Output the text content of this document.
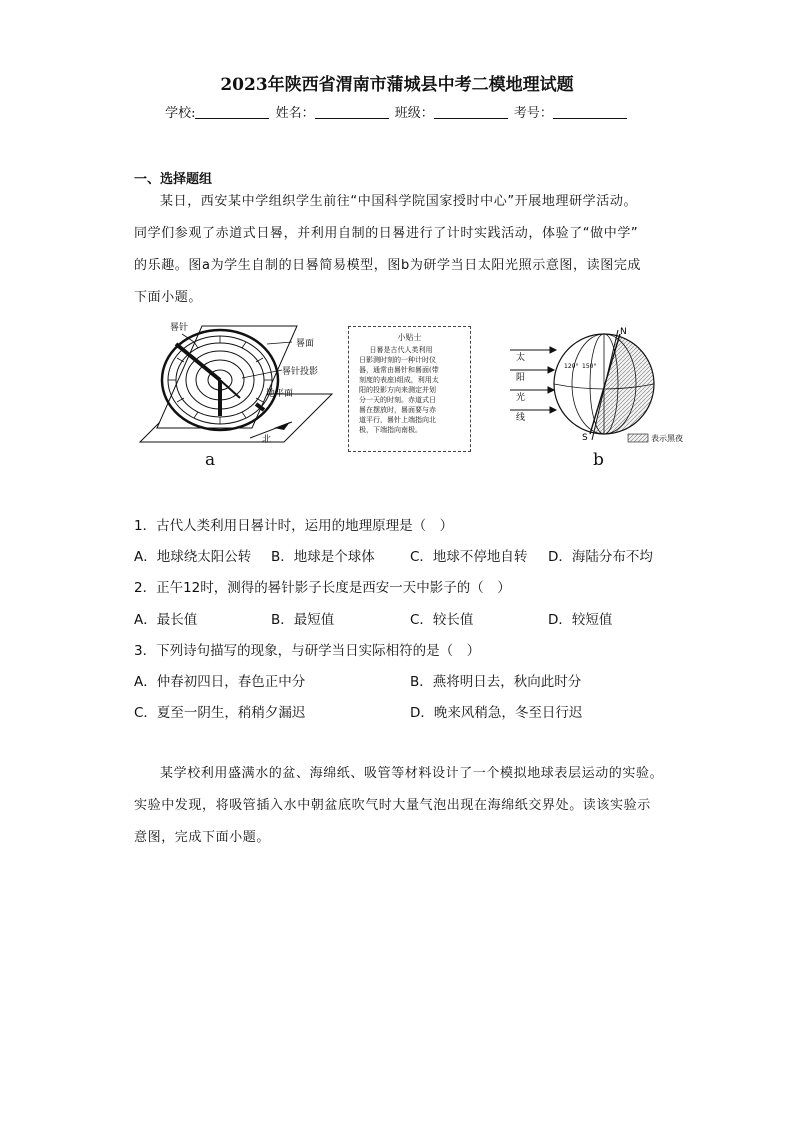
2023年陕西省渭南市蒲城县中考二模地理试题
学校:	姓名：	班级：	考号：
一、选择题组
某日，西安某中学组织学生前往“中国科学院国家授时中心”开展地理研学活动。
同学们参观了赤道式日晷，并利用自制的日晷进行了计时实践活动，体验了“做中学”
的乐趣。图a为学生自制的日晷简易模型，图b为研学当日太阳光照示意图，读图完成
下面小题。
晷针
晷面
晷针投影
地平面
北
a
小贴士
日晷是古代人类利用
日影测时刻的一种计时仪
器，通常由晷针和晷面(带
刻度的表座)组成，利用太
阳的投影方向来测定并划
分一天的时刻。赤道式日
晷在摆放时，晷面要与赤
道平行，晷针上端指向北
极，下端指向南极。
太
阳
光
线
120° 150°
N
S	表示黑夜
b
1．古代人类利用日晷计时，运用的地理原理是（　）
A．地球绕太阳公转 B．地球是个球体	C．地球不停地自转 D．海陆分布不均
2．正午12时，测得的晷针影子长度是西安一天中影子的（　）
A．最长值	B．最短值	C．较长值	D．较短值
3．下列诗句描写的现象，与研学当日实际相符的是（　）
A．仲春初四日，春色正中分	B．燕将明日去，秋向此时分
C．夏至一阴生，稍稍夕漏迟	D．晚来风稍急，冬至日行迟
某学校利用盛满水的盆、海绵纸、吸管等材料设计了一个模拟地球表层运动的实验。
实验中发现，将吸管插入水中朝盆底吹气时大量气泡出现在海绵纸交界处。读该实验示
意图，完成下面小题。
